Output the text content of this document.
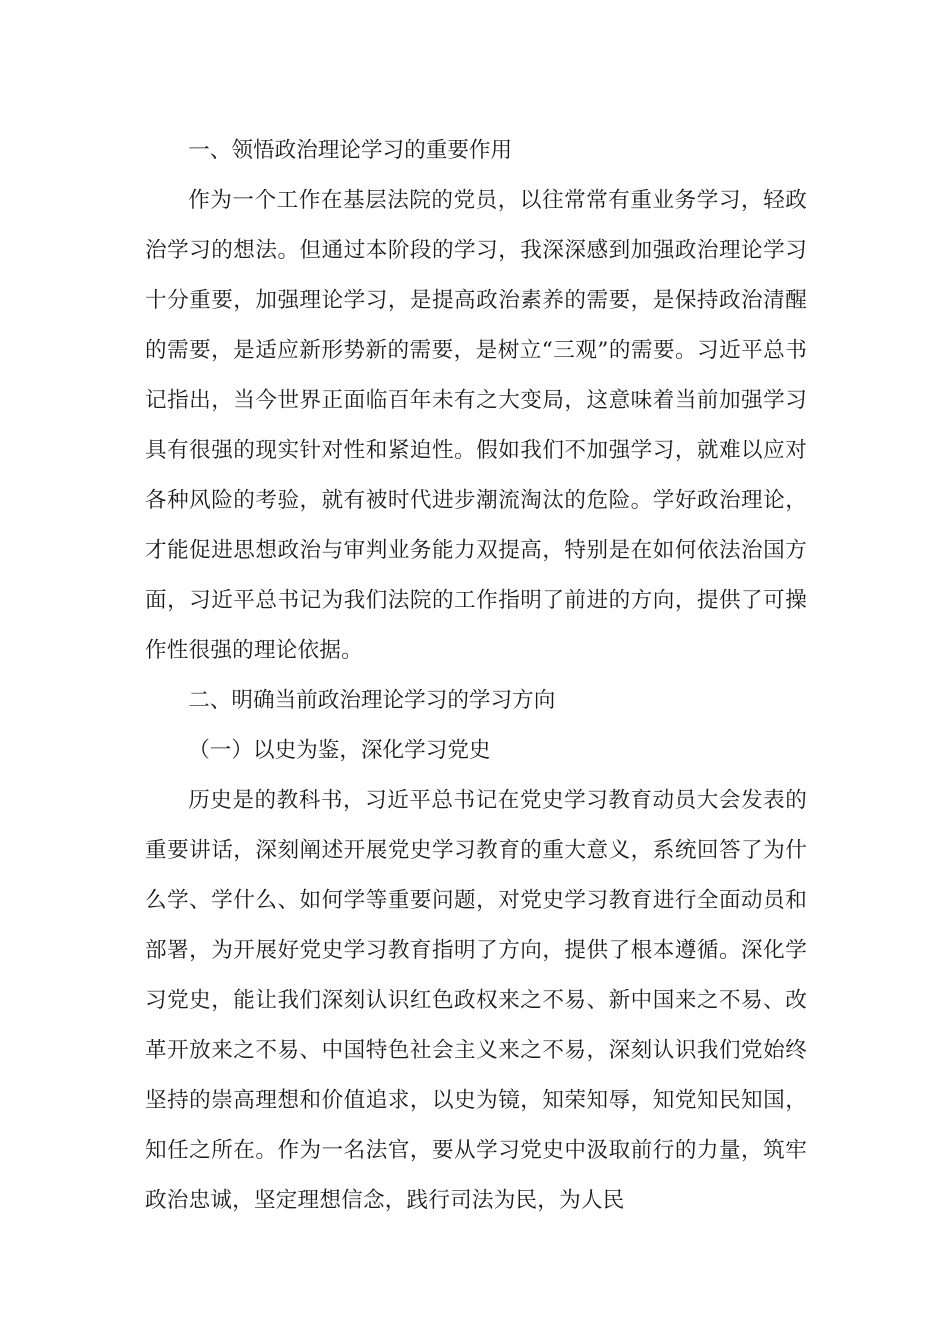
一、领悟政治理论学习的重要作用

作为一个工作在基层法院的党员，以往常常有重业务学习，轻政治学习的想法。但通过本阶段的学习，我深深感到加强政治理论学习十分重要，加强理论学习，是提高政治素养的需要，是保持政治清醒的需要，是适应新形势新的需要，是树立“三观”的需要。习近平总书记指出，当今世界正面临百年未有之大变局，这意味着当前加强学习具有很强的现实针对性和紧迫性。假如我们不加强学习，就难以应对各种风险的考验，就有被时代进步潮流淘汰的危险。学好政治理论，才能促进思想政治与审判业务能力双提高，特别是在如何依法治国方面，习近平总书记为我们法院的工作指明了前进的方向，提供了可操作性很强的理论依据。

二、明确当前政治理论学习的学习方向

（一）以史为鉴，深化学习党史

历史是的教科书，习近平总书记在党史学习教育动员大会发表的重要讲话，深刻阐述开展党史学习教育的重大意义，系统回答了为什么学、学什么、如何学等重要问题，对党史学习教育进行全面动员和部署，为开展好党史学习教育指明了方向，提供了根本遵循。深化学习党史，能让我们深刻认识红色政权来之不易、新中国来之不易、改革开放来之不易、中国特色社会主义来之不易，深刻认识我们党始终坚持的崇高理想和价值追求，以史为镜，知荣知辱，知党知民知国，知任之所在。作为一名法官，要从学习党史中汲取前行的力量，筑牢政治忠诚，坚定理想信念，践行司法为民，为人民
